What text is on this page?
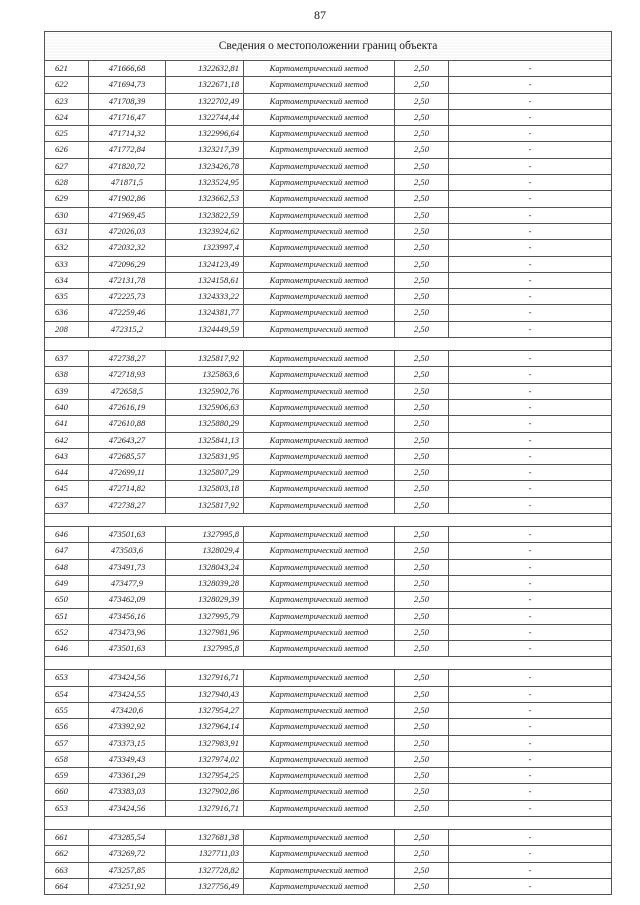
87
Сведения о местоположении границ объекта					
621	471666,68	1322632,81	Картометрический метод	2,50	-
622	471694,73	1322671,18	Картометрический метод	2,50	-
623	471708,39	1322702,49	Картометрический метод	2,50	-
624	471716,47	1322744,44	Картометрический метод	2,50	-
625	471714,32	1322996,64	Картометрический метод	2,50	-
626	471772,84	1323217,39	Картометрический метод	2,50	-
627	471820,72	1323426,78	Картометрический метод	2,50	-
628	471871,5	1323524,95	Картометрический метод	2,50	-
629	471902,86	1323662,53	Картометрический метод	2,50	-
630	471969,45	1323822,59	Картометрический метод	2,50	-
631	472026,03	1323924,62	Картометрический метод	2,50	-
632	472032,32	1323997,4	Картометрический метод	2,50	-
633	472096,29	1324123,49	Картометрический метод	2,50	-
634	472131,78	1324158,61	Картометрический метод	2,50	-
635	472225,73	1324333,22	Картометрический метод	2,50	-
636	472259,46	1324381,77	Картометрический метод	2,50	-
208	472315,2	1324449,59	Картометрический метод	2,50	-

637	472738,27	1325817,92	Картометрический метод	2,50	-
638	472718,93	1325863,6	Картометрический метод	2,50	-
639	472658,5	1325902,76	Картометрический метод	2,50	-
640	472616,19	1325906,63	Картометрический метод	2,50	-
641	472610,88	1325880,29	Картометрический метод	2,50	-
642	472643,27	1325841,13	Картометрический метод	2,50	-
643	472685,57	1325831,95	Картометрический метод	2,50	-
644	472699,11	1325807,29	Картометрический метод	2,50	-
645	472714,82	1325803,18	Картометрический метод	2,50	-
637	472738,27	1325817,92	Картометрический метод	2,50	-

646	473501,63	1327995,8	Картометрический метод	2,50	-
647	473503,6	1328029,4	Картометрический метод	2,50	-
648	473491,73	1328043,24	Картометрический метод	2,50	-
649	473477,9	1328039,28	Картометрический метод	2,50	-
650	473462,09	1328029,39	Картометрический метод	2,50	-
651	473456,16	1327995,79	Картометрический метод	2,50	-
652	473473,96	1327981,96	Картометрический метод	2,50	-
646	473501,63	1327995,8	Картометрический метод	2,50	-

653	473424,56	1327916,71	Картометрический метод	2,50	-
654	473424,55	1327940,43	Картометрический метод	2,50	-
655	473420,6	1327954,27	Картометрический метод	2,50	-
656	473392,92	1327964,14	Картометрический метод	2,50	-
657	473373,15	1327983,91	Картометрический метод	2,50	-
658	473349,43	1327974,02	Картометрический метод	2,50	-
659	473361,29	1327954,25	Картометрический метод	2,50	-
660	473383,03	1327902,86	Картометрический метод	2,50	-
653	473424,56	1327916,71	Картометрический метод	2,50	-

661	473285,54	1327681,38	Картометрический метод	2,50	-
662	473269,72	1327711,03	Картометрический метод	2,50	-
663	473257,85	1327728,82	Картометрический метод	2,50	-
664	473251,92	1327756,49	Картометрический метод	2,50	-
